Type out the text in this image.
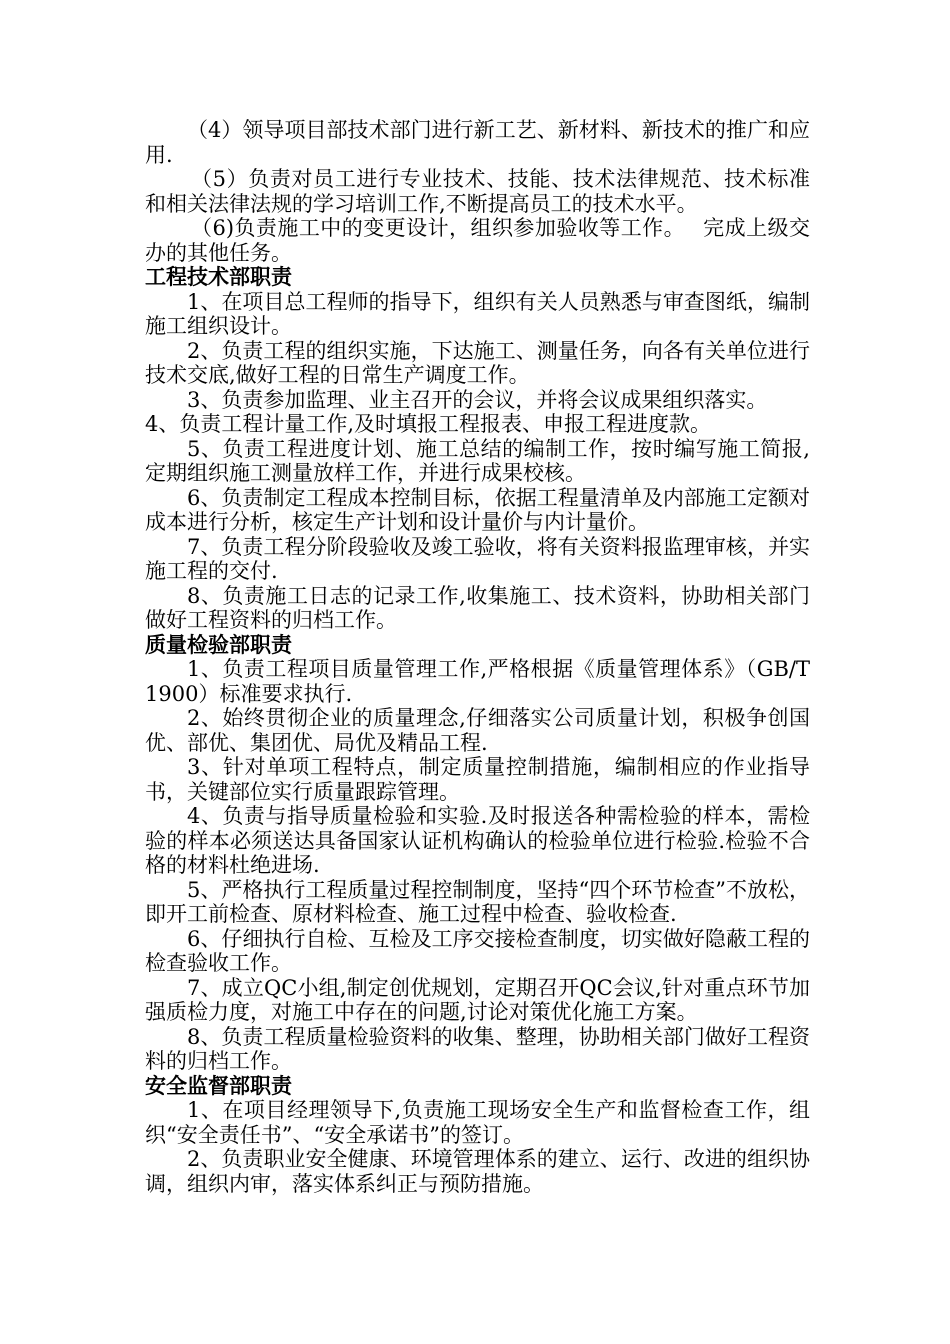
（4）领导项目部技术部门进行新工艺、新材料、新技术的推广和应用.

（5）负责对员工进行专业技术、技能、技术法律规范、技术标准和相关法律法规的学习培训工作,不断提高员工的技术水平。

（6)负责施工中的变更设计，组织参加验收等工作。　 完成上级交办的其他任务。

工程技术部职责

1、在项目总工程师的指导下，组织有关人员熟悉与审查图纸，编制施工组织设计。

2、负责工程的组织实施，下达施工、测量任务，向各有关单位进行技术交底,做好工程的日常生产调度工作。

3、负责参加监理、业主召开的会议，并将会议成果组织落实。

4、负责工程计量工作,及时填报工程报表、申报工程进度款。

5、负责工程进度计划、施工总结的编制工作，按时编写施工简报,定期组织施工测量放样工作，并进行成果校核。

6、负责制定工程成本控制目标，依据工程量清单及内部施工定额对成本进行分析，核定生产计划和设计量价与内计量价。

7、负责工程分阶段验收及竣工验收，将有关资料报监理审核，并实施工程的交付.

8、负责施工日志的记录工作,收集施工、技术资料，协助相关部门做好工程资料的归档工作。

质量检验部职责

1、负责工程项目质量管理工作,严格根据《质量管理体系》（GB/T　1900）标准要求执行.

2、始终贯彻企业的质量理念,仔细落实公司质量计划，积极争创国优、部优、集团优、局优及精品工程.

3、针对单项工程特点，制定质量控制措施，编制相应的作业指导书，关键部位实行质量跟踪管理。

4、负责与指导质量检验和实验.及时报送各种需检验的样本，需检验的样本必须送达具备国家认证机构确认的检验单位进行检验.检验不合格的材料杜绝进场.

5、严格执行工程质量过程控制制度，坚持“四个环节检查”不放松，即开工前检查、原材料检查、施工过程中检查、验收检查.

6、仔细执行自检、互检及工序交接检查制度，切实做好隐蔽工程的检查验收工作。

7、成立QC小组,制定创优规划，定期召开QC会议,针对重点环节加强质检力度，对施工中存在的问题,讨论对策优化施工方案。

8、负责工程质量检验资料的收集、整理，协助相关部门做好工程资料的归档工作。

安全监督部职责

1、在项目经理领导下,负责施工现场安全生产和监督检查工作，组织“安全责任书”、“安全承诺书”的签订。

2、负责职业安全健康、环境管理体系的建立、运行、改进的组织协调，组织内审，落实体系纠正与预防措施。
